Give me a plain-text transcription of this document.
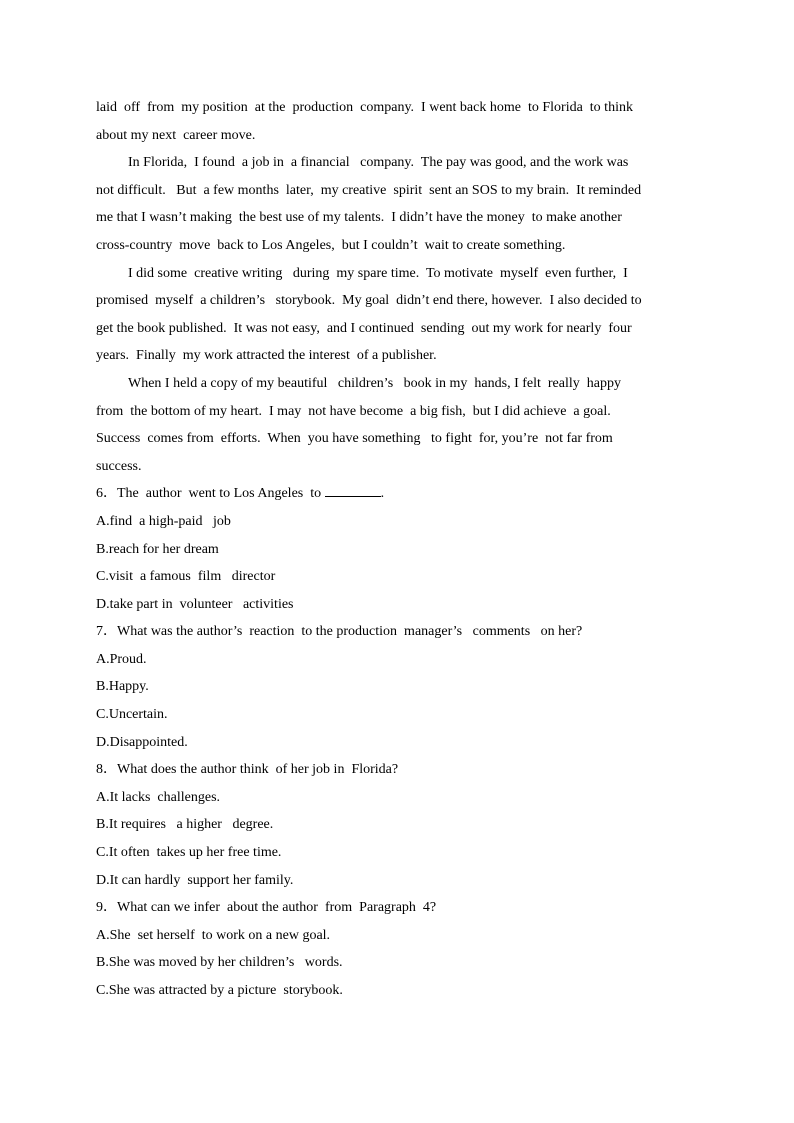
laid  off  from  my position  at the  production  company.  I went back home  to Florida  to think
about my next  career move.
In Florida,  I found  a job in  a financial   company.  The pay was good, and the work was
not difficult.   But  a few months  later,  my creative  spirit  sent an SOS to my brain.  It reminded
me that I wasn’t making  the best use of my talents.  I didn’t have the money  to make another
cross-country  move  back to Los Angeles,  but I couldn’t  wait to create something.
I did some  creative writing   during  my spare time.  To motivate  myself  even further,  I
promised  myself  a children’s   storybook.  My goal  didn’t end there, however.  I also decided to
get the book published.  It was not easy,  and I continued  sending  out my work for nearly  four
years.  Finally  my work attracted the interest  of a publisher.
When I held a copy of my beautiful   children’s   book in my  hands, I felt  really  happy
from  the bottom of my heart.  I may  not have become  a big fish,  but I did achieve  a goal.
Success  comes from  efforts.  When  you have something   to fight  for, you’re  not far from
success.
6．The  author  went to Los Angeles  to	.
A.find  a high-paid   job
B.reach for her dream
C.visit  a famous  film   director
D.take part in  volunteer   activities
7．What was the author’s  reaction  to the production  manager’s   comments   on her?
A.Proud.
B.Happy.
C.Uncertain.
D.Disappointed.
8．What does the author think  of her job in  Florida?
A.It lacks  challenges.
B.It requires   a higher   degree.
C.It often  takes up her free time.
D.It can hardly  support her family.
9．What can we infer  about the author  from  Paragraph  4?
A.She  set herself  to work on a new goal.
B.She was moved by her children’s   words.
C.She was attracted by a picture  storybook.
